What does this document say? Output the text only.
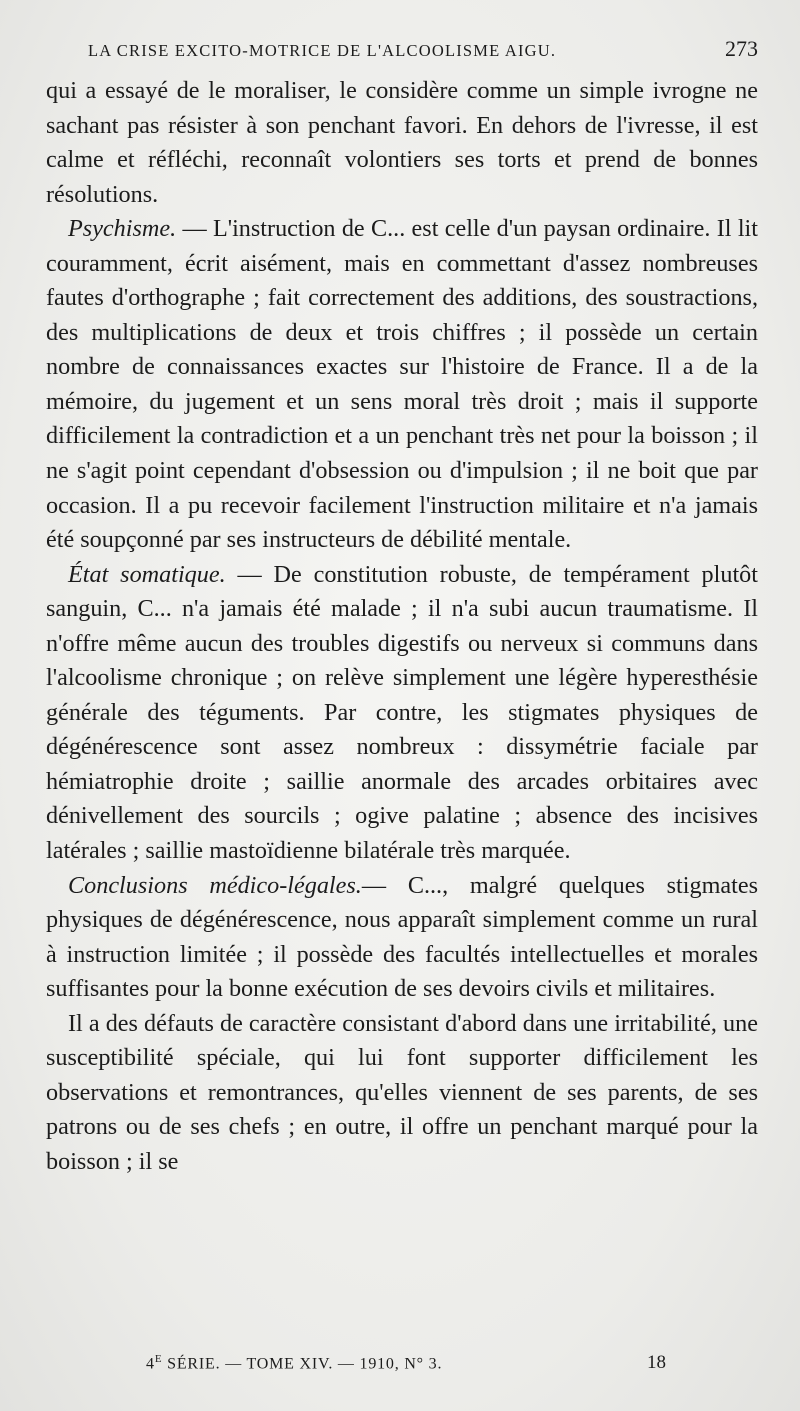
LA CRISE EXCITO-MOTRICE DE L'ALCOOLISME AIGU.	273

qui a essayé de le moraliser, le considère comme un simple ivrogne ne sachant pas résister à son penchant favori. En dehors de l'ivresse, il est calme et réfléchi, reconnaît volontiers ses torts et prend de bonnes résolutions.

Psychisme. — L'instruction de C... est celle d'un paysan ordinaire. Il lit couramment, écrit aisément, mais en commettant d'assez nombreuses fautes d'orthographe ; fait correctement des additions, des soustractions, des multiplications de deux et trois chiffres ; il possède un certain nombre de connaissances exactes sur l'histoire de France. Il a de la mémoire, du jugement et un sens moral très droit ; mais il supporte difficilement la contradiction et a un penchant très net pour la boisson ; il ne s'agit point cependant d'obsession ou d'impulsion ; il ne boit que par occasion. Il a pu recevoir facilement l'instruction militaire et n'a jamais été soupçonné par ses instructeurs de débilité mentale.

État somatique. — De constitution robuste, de tempérament plutôt sanguin, C... n'a jamais été malade ; il n'a subi aucun traumatisme. Il n'offre même aucun des troubles digestifs ou nerveux si communs dans l'alcoolisme chronique ; on relève simplement une légère hyperesthésie générale des téguments. Par contre, les stigmates physiques de dégénérescence sont assez nombreux : dissymétrie faciale par hémiatrophie droite ; saillie anormale des arcades orbitaires avec dénivellement des sourcils ; ogive palatine ; absence des incisives latérales ; saillie mastoïdienne bilatérale très marquée.

Conclusions médico-légales.— C..., malgré quelques stigmates physiques de dégénérescence, nous apparaît simplement comme un rural à instruction limitée ; il possède des facultés intellectuelles et morales suffisantes pour la bonne exécution de ses devoirs civils et militaires.

Il a des défauts de caractère consistant d'abord dans une irritabilité, une susceptibilité spéciale, qui lui font supporter difficilement les observations et remontrances, qu'elles viennent de ses parents, de ses patrons ou de ses chefs ; en outre, il offre un penchant marqué pour la boisson ; il se

$4^E$ SÉRIE. — TOME XIV. — 1910, N° 3.	18
